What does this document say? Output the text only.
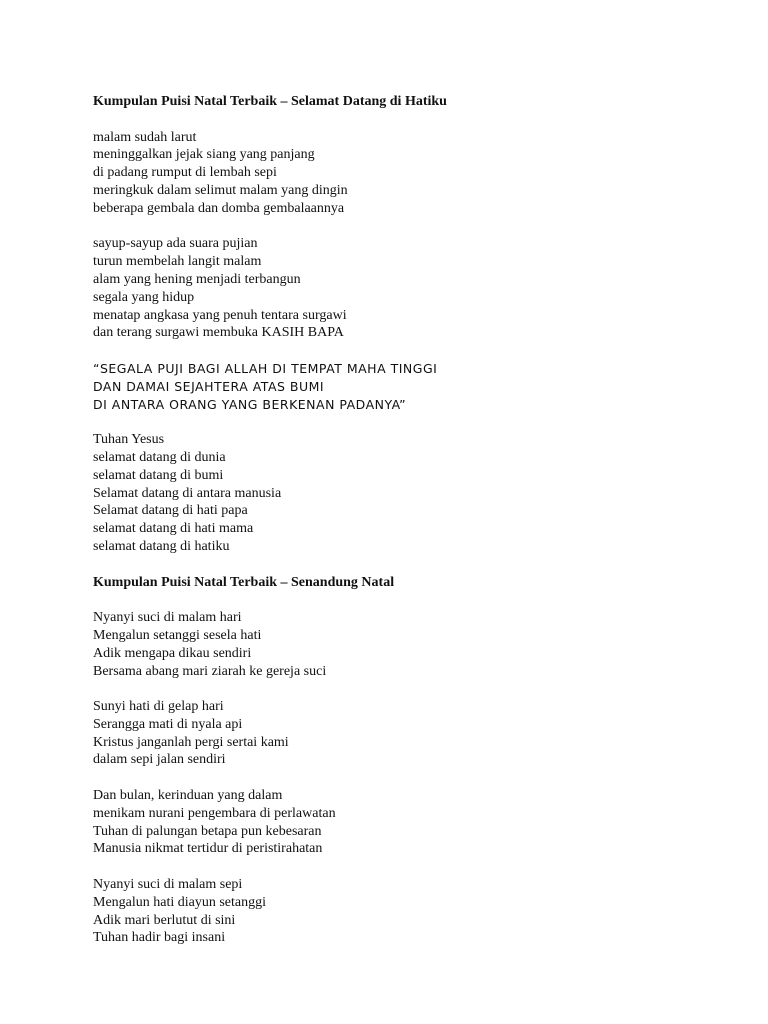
Kumpulan Puisi Natal Terbaik – Selamat Datang di Hatiku
malam sudah larut
meninggalkan jejak siang yang panjang
di padang rumput di lembah sepi
meringkuk dalam selimut malam yang dingin
beberapa gembala dan domba gembalaannya
sayup-sayup ada suara pujian
turun membelah langit malam
alam yang hening menjadi terbangun
segala yang hidup
menatap angkasa yang penuh tentara surgawi
dan terang surgawi membuka KASIH BAPA
“SEGALA PUJI BAGI ALLAH DI TEMPAT MAHA TINGGI
DAN DAMAI SEJAHTERA ATAS BUMI
DI ANTARA ORANG YANG BERKENAN PADANYA”
Tuhan Yesus
selamat datang di dunia
selamat datang di bumi
Selamat datang di antara manusia
Selamat datang di hati papa
selamat datang di hati mama
selamat datang di hatiku
Kumpulan Puisi Natal Terbaik – Senandung Natal
Nyanyi suci di malam hari
Mengalun setanggi sesela hati
Adik mengapa dikau sendiri
Bersama abang mari ziarah ke gereja suci
Sunyi hati di gelap hari
Serangga mati di nyala api
Kristus janganlah pergi sertai kami
dalam sepi jalan sendiri
Dan bulan, kerinduan yang dalam
menikam nurani pengembara di perlawatan
Tuhan di palungan betapa pun kebesaran
Manusia nikmat tertidur di peristirahatan
Nyanyi suci di malam sepi
Mengalun hati diayun setanggi
Adik mari berlutut di sini
Tuhan hadir bagi insani
